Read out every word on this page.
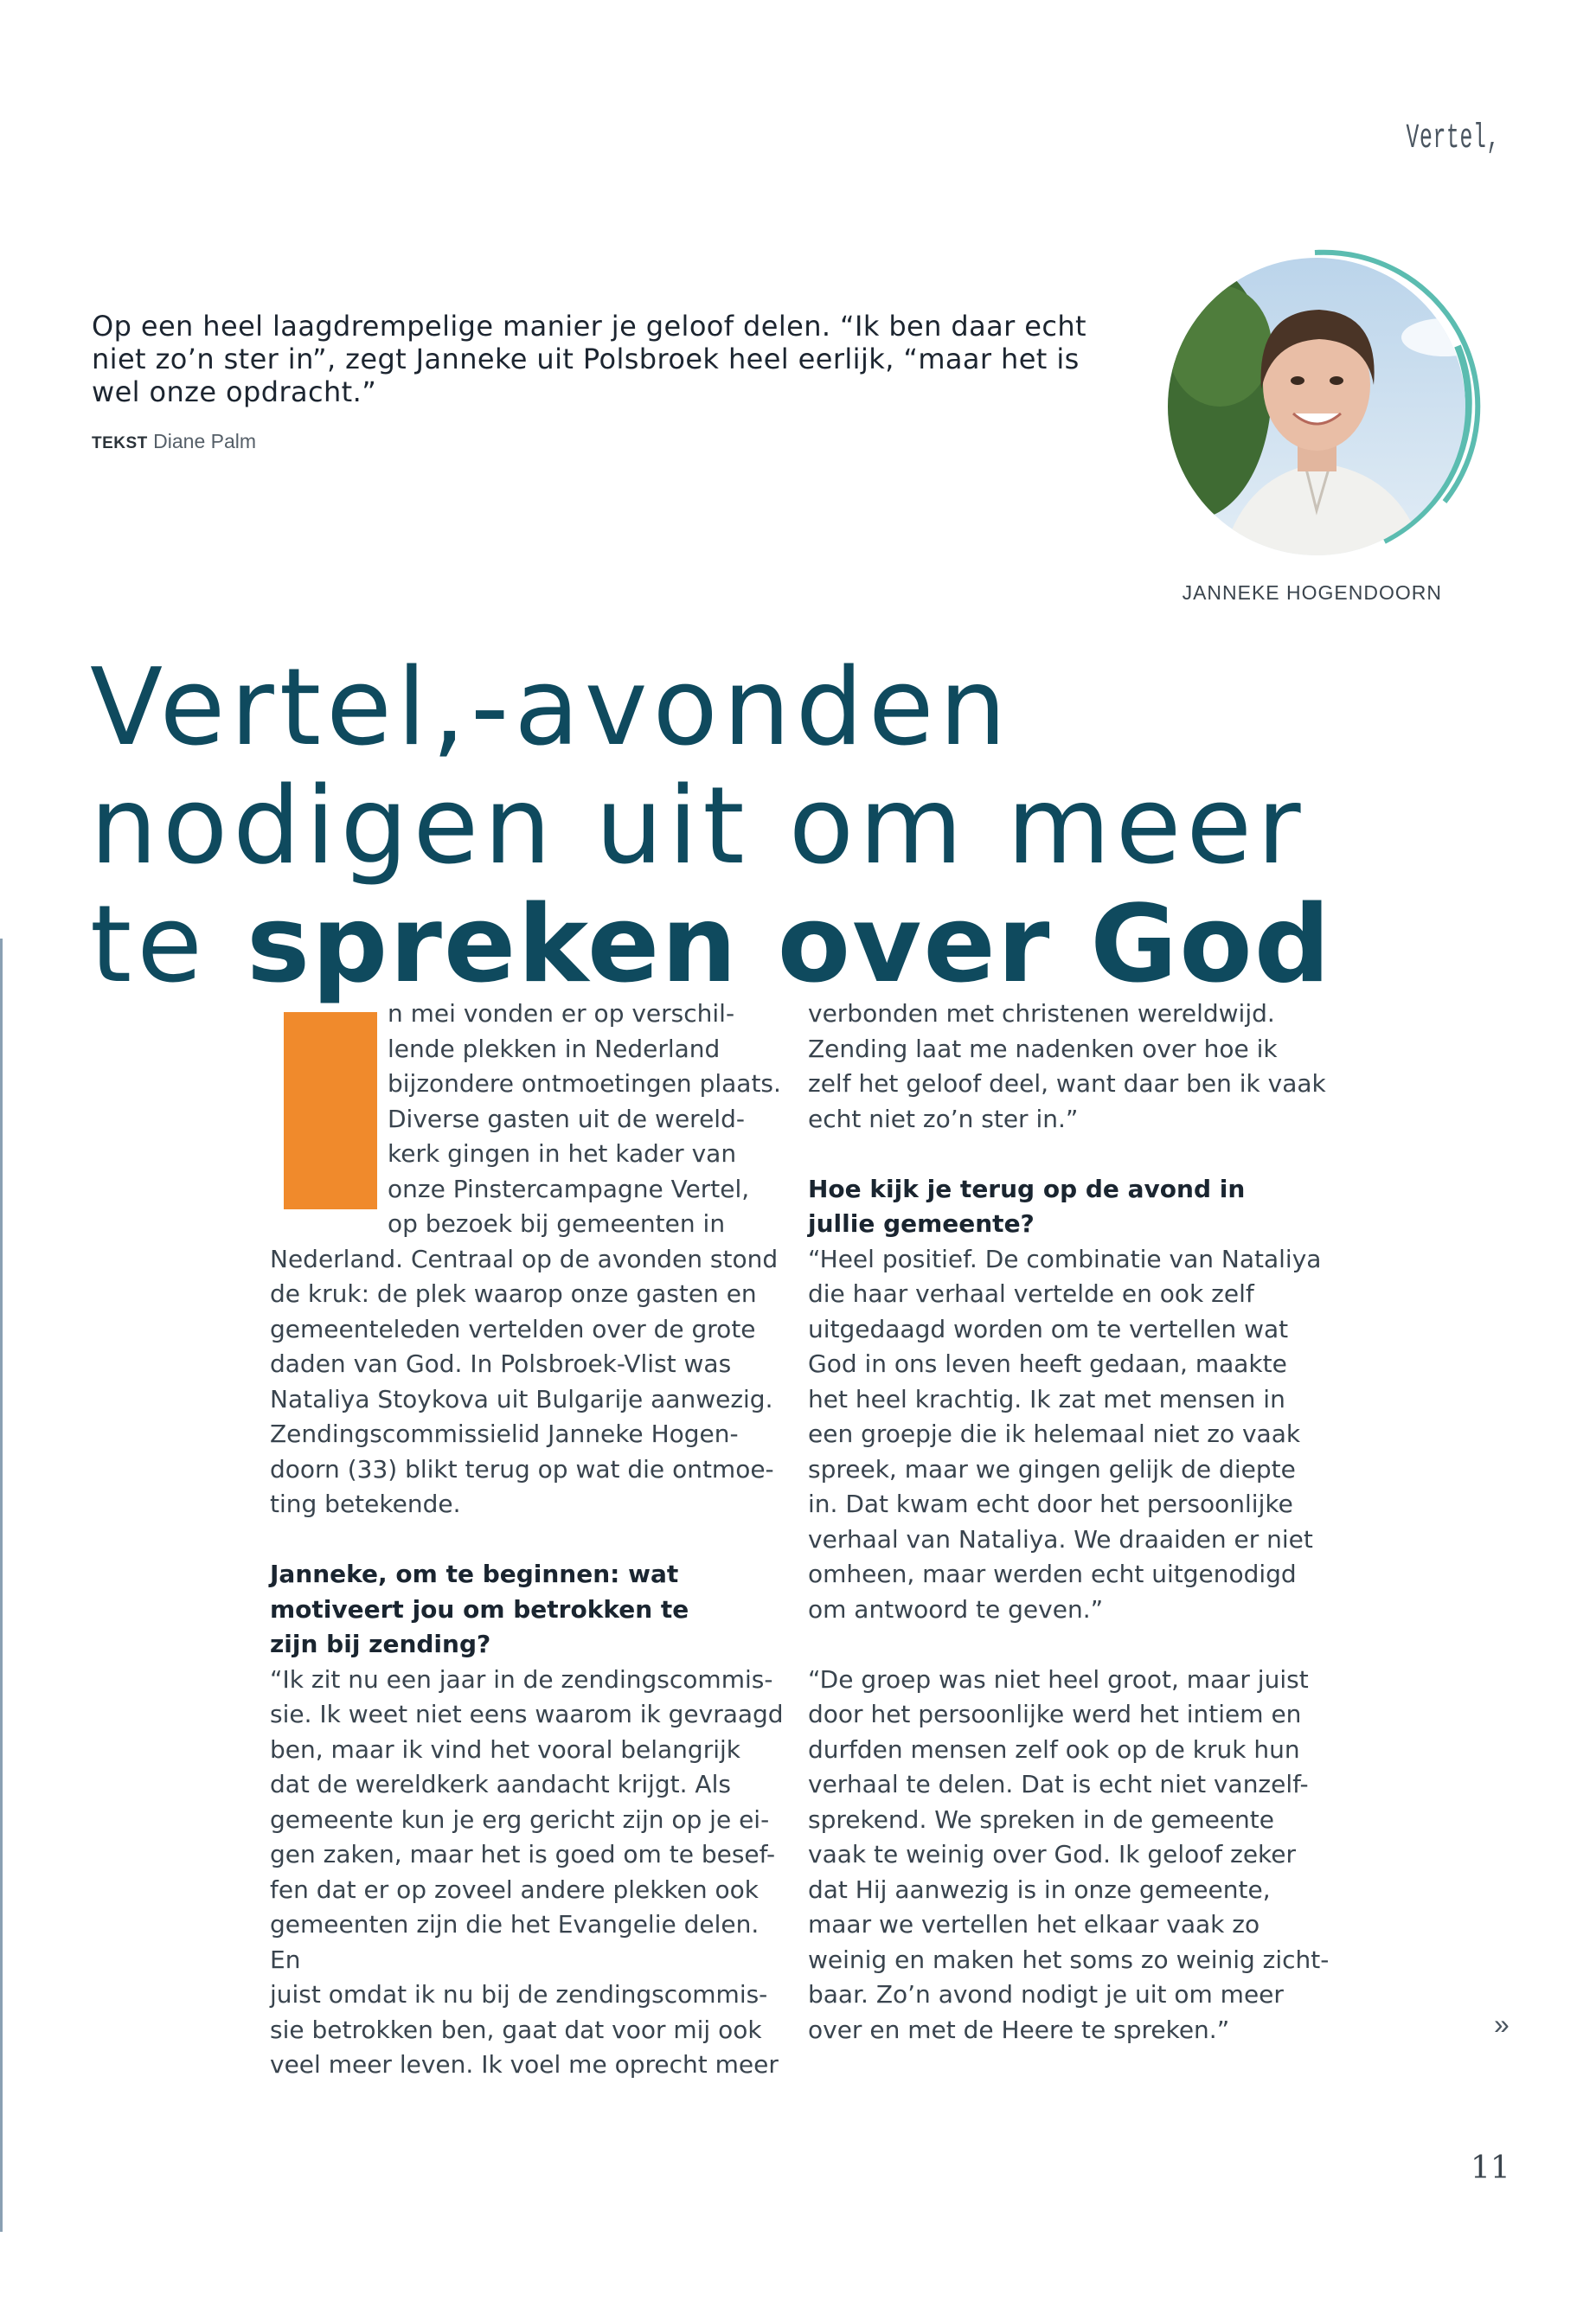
Vertel,
Op een heel laagdrempelige manier je geloof delen. “Ik ben daar echt niet zo’n ster in”, zegt Janneke uit Polsbroek heel eerlijk, “maar het is wel onze opdracht.”
TEKST Diane Palm
JANNEKE HOGENDOORN
Vertel,-avonden
nodigen uit om meer
te spreken over God

n mei vonden er op verschil-

lende plekken in Nederland

bijzondere ontmoetingen plaats.

Diverse gasten uit de wereld-

kerk gingen in het kader van

onze Pinstercampagne Vertel,

op bezoek bij gemeenten in

Nederland. Centraal op de avonden stond

de kruk: de plek waarop onze gasten en

gemeenteleden vertelden over de grote

daden van God. In Polsbroek-Vlist was

Nataliya Stoykova uit Bulgarije aanwezig.

Zendingscommissielid Janneke Hogen-

doorn (33) blikt terug op wat die ontmoe-

ting betekende.

Janneke, om te beginnen: wat

motiveert jou om betrokken te

zijn bij zending?

“Ik zit nu een jaar in de zendingscommis-

sie. Ik weet niet eens waarom ik gevraagd

ben, maar ik vind het vooral belangrijk

dat de wereldkerk aandacht krijgt. Als

gemeente kun je erg gericht zijn op je ei-

gen zaken, maar het is goed om te besef-

fen dat er op zoveel andere plekken ook

gemeenten zijn die het Evangelie delen. En

juist omdat ik nu bij de zendingscommis-

sie betrokken ben, gaat dat voor mij ook

veel meer leven. Ik voel me oprecht meer

verbonden met christenen wereldwijd.

Zending laat me nadenken over hoe ik

zelf het geloof deel, want daar ben ik vaak

echt niet zo’n ster in.”

Hoe kijk je terug op de avond in

jullie gemeente?

“Heel positief. De combinatie van Nataliya

die haar verhaal vertelde en ook zelf

uitgedaagd worden om te vertellen wat

God in ons leven heeft gedaan, maakte

het heel krachtig. Ik zat met mensen in

een groepje die ik helemaal niet zo vaak

spreek, maar we gingen gelijk de diepte

in. Dat kwam echt door het persoonlijke

verhaal van Nataliya. We draaiden er niet

omheen, maar werden echt uitgenodigd

om antwoord te geven.”

“De groep was niet heel groot, maar juist

door het persoonlijke werd het intiem en

durfden mensen zelf ook op de kruk hun

verhaal te delen. Dat is echt niet vanzelf-

sprekend. We spreken in de gemeente

vaak te weinig over God. Ik geloof zeker

dat Hij aanwezig is in onze gemeente,

maar we vertellen het elkaar vaak zo

weinig en maken het soms zo weinig zicht-

baar. Zo’n avond nodigt je uit om meer

over en met de Heere te spreken.”	»
11
